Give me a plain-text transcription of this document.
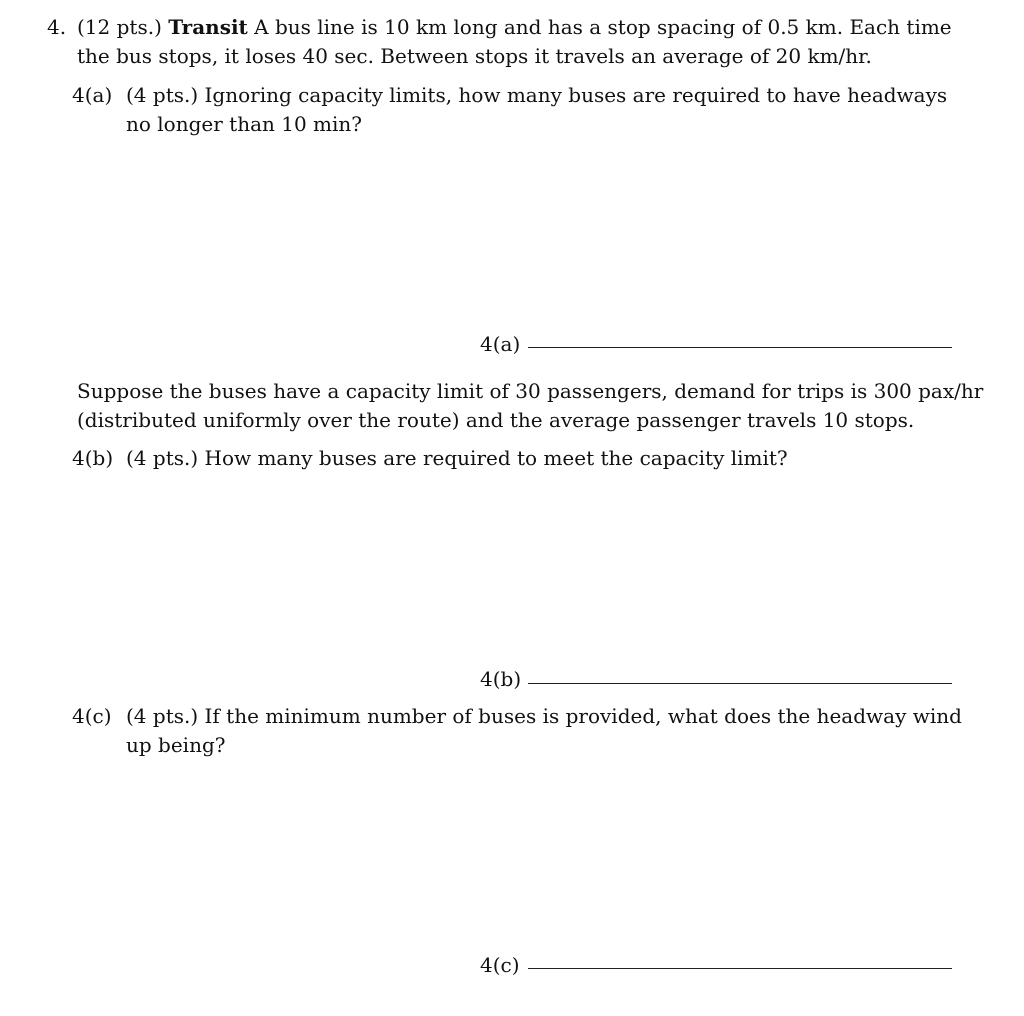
4. (12 pts.) Transit A bus line is 10 km long and has a stop spacing of 0.5 km. Each time
the bus stops, it loses 40 sec. Between stops it travels an average of 20 km/hr.
4(a) (4 pts.) Ignoring capacity limits, how many buses are required to have headways
no longer than 10 min?
4(a)
Suppose the buses have a capacity limit of 30 passengers, demand for trips is 300 pax/hr
(distributed uniformly over the route) and the average passenger travels 10 stops.
4(b) (4 pts.) How many buses are required to meet the capacity limit?
4(b)
4(c) (4 pts.) If the minimum number of buses is provided, what does the headway wind
up being?
4(c)
